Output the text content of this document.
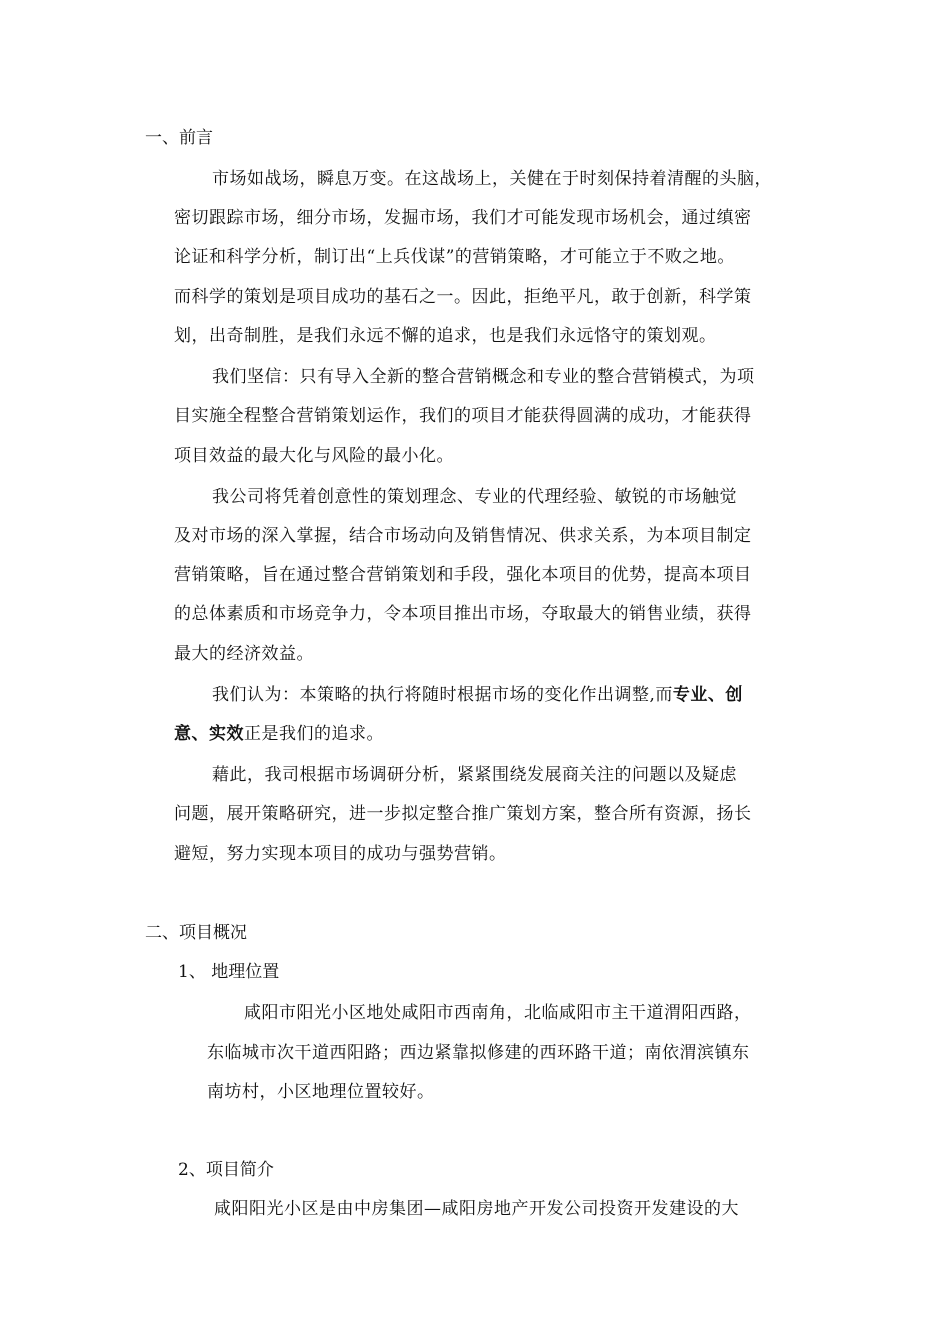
一、前言
市场如战场，瞬息万变。在这战场上，关健在于时刻保持着清醒的头脑，
密切跟踪市场，细分市场，发掘市场，我们才可能发现市场机会，通过缜密
论证和科学分析，制订出“上兵伐谋”的营销策略，才可能立于不败之地。
而科学的策划是项目成功的基石之一。因此，拒绝平凡，敢于创新，科学策
划，出奇制胜，是我们永远不懈的追求，也是我们永远恪守的策划观。
我们坚信：只有导入全新的整合营销概念和专业的整合营销模式，为项
目实施全程整合营销策划运作，我们的项目才能获得圆满的成功，才能获得
项目效益的最大化与风险的最小化。
我公司将凭着创意性的策划理念、专业的代理经验、敏锐的市场触觉
及对市场的深入掌握，结合市场动向及销售情况、供求关系，为本项目制定
营销策略，旨在通过整合营销策划和手段，强化本项目的优势，提高本项目
的总体素质和市场竞争力，令本项目推出市场，夺取最大的销售业绩，获得
最大的经济效益。
我们认为：本策略的执行将随时根据市场的变化作出调整,而专业、创
意、实效正是我们的追求。
藉此，我司根据市场调研分析，紧紧围绕发展商关注的问题以及疑虑
问题，展开策略研究，进一步拟定整合推广策划方案，整合所有资源，扬长
避短，努力实现本项目的成功与强势营销。
二、项目概况
1、 地理位置
咸阳市阳光小区地处咸阳市西南角，北临咸阳市主干道渭阳西路，
东临城市次干道西阳路；西边紧靠拟修建的西环路干道；南依渭滨镇东
南坊村，小区地理位置较好。
2、项目简介
咸阳阳光小区是由中房集团—咸阳房地产开发公司投资开发建设的大
